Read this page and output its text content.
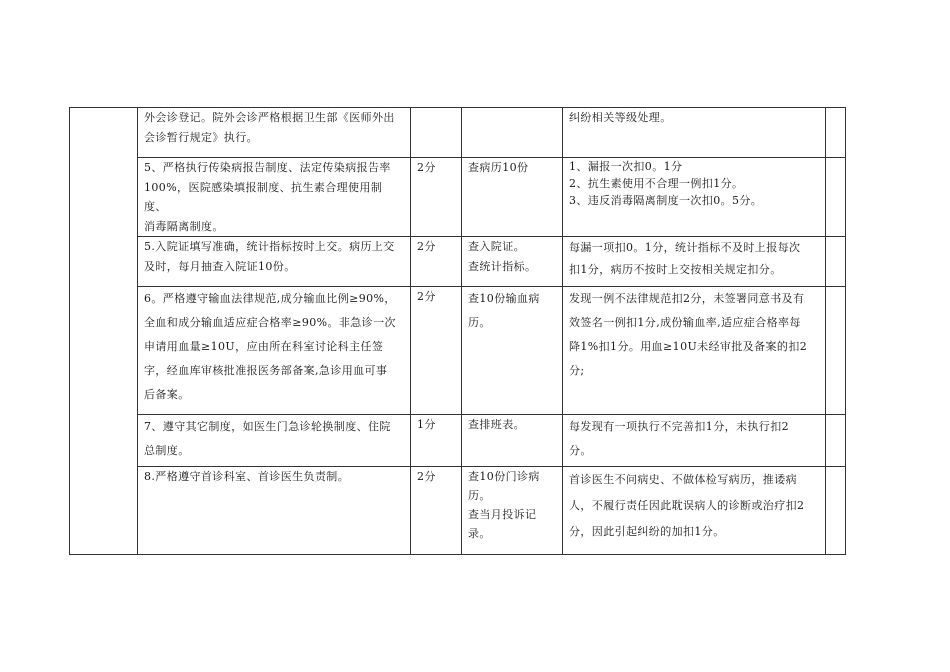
	外会诊登记。院外会诊严格根据卫生部《医师外出
会诊暂行规定》执行。			纠纷相关等级处理。	

	5、严格执行传染病报告制度、法定传染病报告率
100%，医院感染填报制度、抗生素合理使用制度、
消毒隔离制度。	2分	查病历10份	1、漏报一次扣0。1分
2、抗生素使用不合理一例扣1分。
3、违反消毒隔离制度一次扣0。5分。	

	5.入院证填写准确，统计指标按时上交。病历上交
及时，每月抽查入院证10份。	2分	查入院证。
查统计指标。	每漏一项扣0。1分，统计指标不及时上报每次
扣1分，病历不按时上交按相关规定扣分。	

	6。严格遵守输血法律规范,成分输血比例≥90%，
全血和成分输血适应症合格率≥90%。非急诊一次
申请用血量≥10U，应由所在科室讨论科主任签
字，经血库审核批准报医务部备案,急诊用血可事
后备案。	2分	查10份输血病
历。	发现一例不法律规范扣2分，未签署同意书及有
效签名一例扣1分,成份输血率,适应症合格率每
降1%扣1分。用血≥10U未经审批及备案的扣2
分;	

	7、遵守其它制度，如医生门急诊轮换制度、住院
总制度。	1分	查排班表。	每发现有一项执行不完善扣1分，未执行扣2
分。	

	8.严格遵守首诊科室、首诊医生负责制。	2分	查10份门诊病
历。
查当月投诉记
录。	首诊医生不问病史、不做体检写病历，推诿病
人，不履行责任因此耽误病人的诊断或治疗扣2
分，因此引起纠纷的加扣1分。	
